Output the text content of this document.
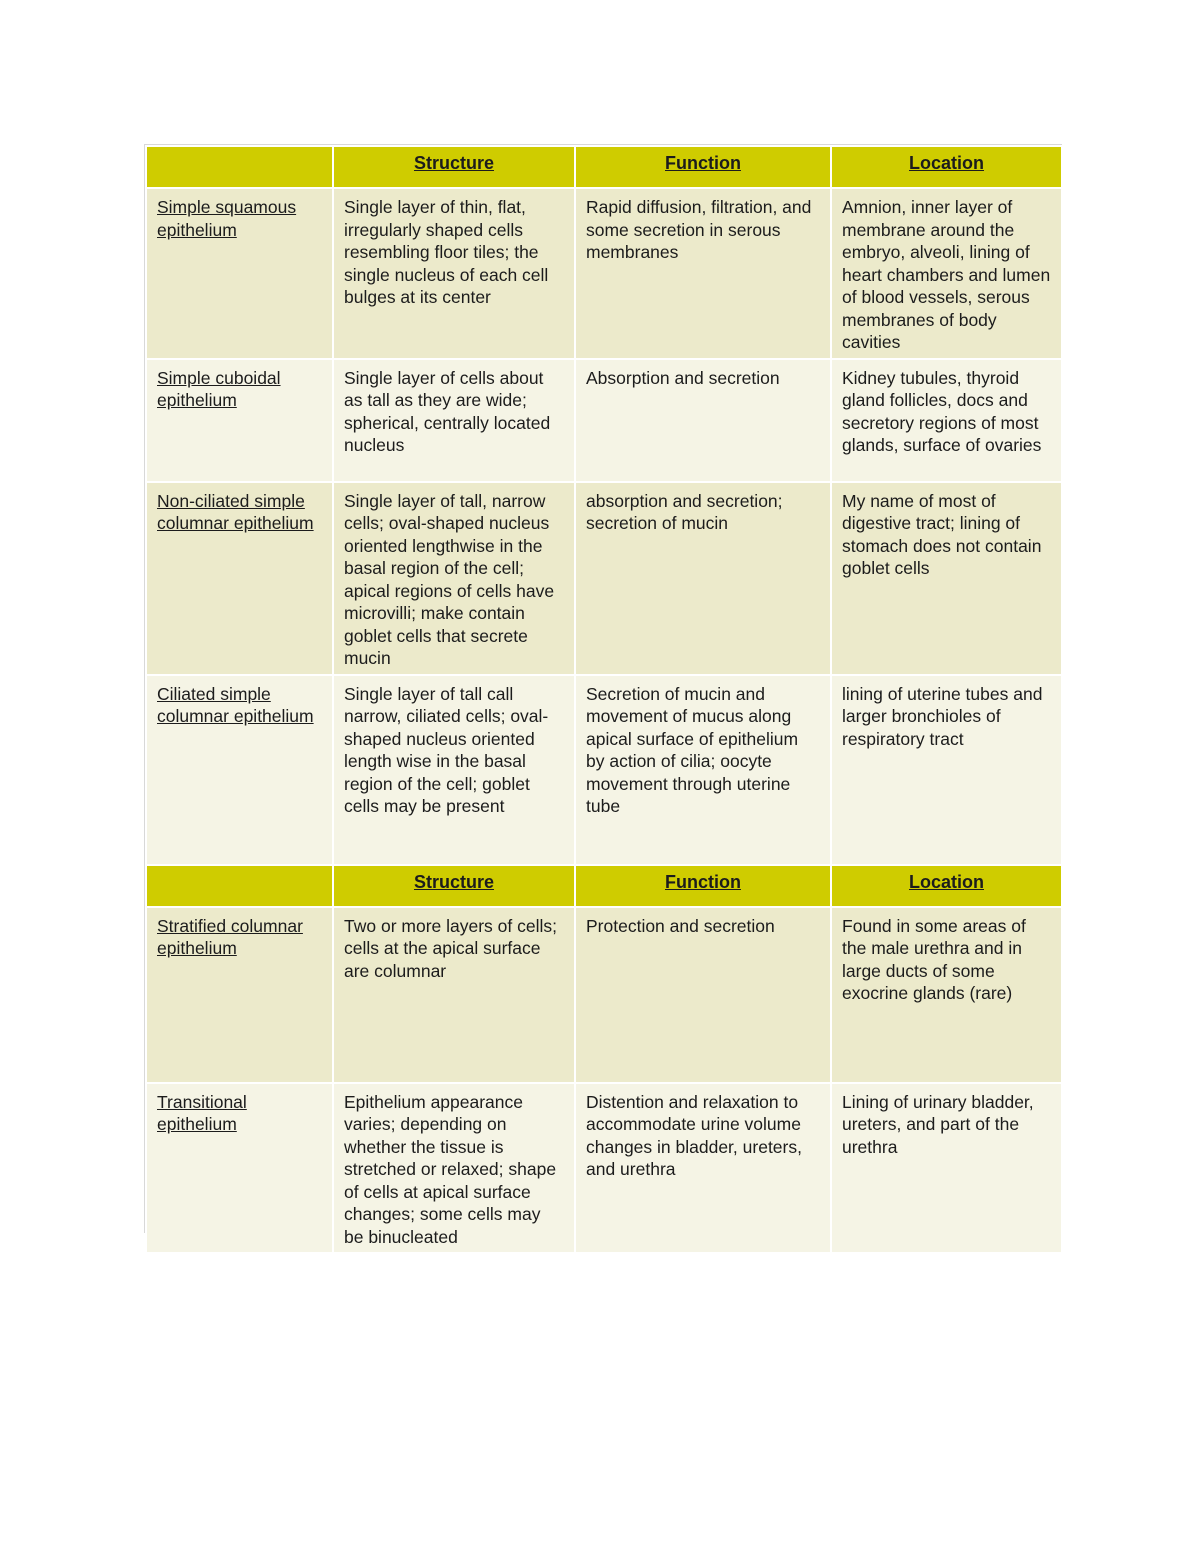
	Structure	Function	Location
Simple squamous epithelium	Single layer of thin, flat, irregularly shaped cells resembling floor tiles; the single nucleus of each cell bulges at its center	Rapid diffusion, filtration, and some secretion in serous membranes	Amnion, inner layer of membrane around the embryo, alveoli, lining of heart chambers and lumen of blood vessels, serous membranes of body cavities
Simple cuboidal epithelium	Single layer of cells about as tall as they are wide; spherical, centrally located nucleus	Absorption and secretion	Kidney tubules, thyroid gland follicles, docs and secretory regions of most glands, surface of ovaries
Non-ciliated simple columnar epithelium	Single layer of tall, narrow cells; oval-shaped nucleus oriented lengthwise in the basal region of the cell; apical regions of cells have microvilli; make contain goblet cells that secrete mucin	absorption and secretion; secretion of mucin	My name of most of digestive tract; lining of stomach does not contain goblet cells
Ciliated simple columnar epithelium	Single layer of tall call narrow, ciliated cells; oval-shaped nucleus oriented length wise in the basal region of the cell; goblet cells may be present	Secretion of mucin and movement of mucus along apical surface of epithelium by action of cilia; oocyte movement through uterine tube	lining of uterine tubes and larger bronchioles of respiratory tract
	Structure	Function	Location
Stratified columnar epithelium	Two or more layers of cells; cells at the apical surface are columnar	Protection and secretion	Found in some areas of the male urethra and in large ducts of some exocrine glands (rare)
Transitional epithelium	Epithelium appearance varies; depending on whether the tissue is stretched or relaxed; shape of cells at apical surface changes; some cells may be binucleated	Distention and relaxation to accommodate urine volume changes in bladder, ureters, and urethra	Lining of urinary bladder, ureters, and part of the urethra
